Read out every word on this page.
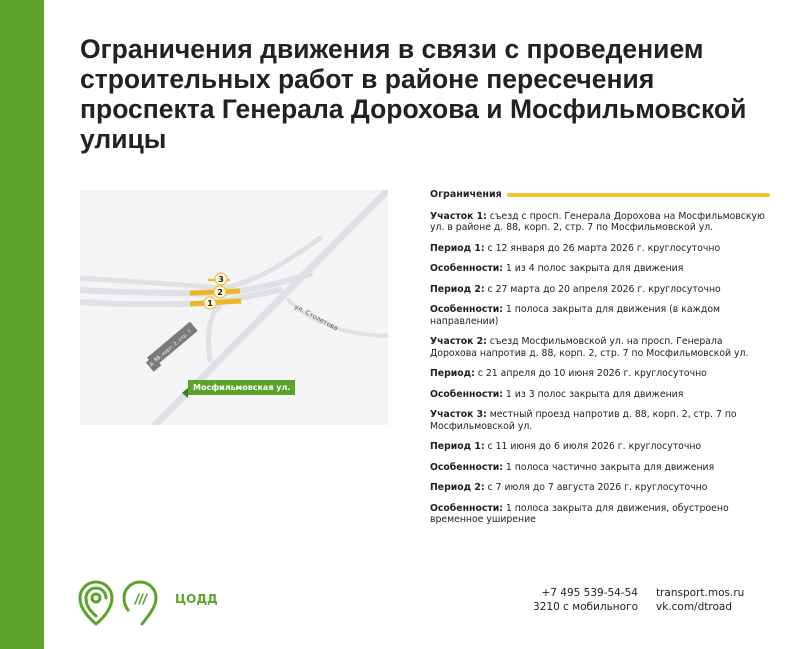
Ограничения движения в связи с проведением строительных работ в районе пересечения проспекта Генерала Дорохова и Мосфильмовской улицы
д. 88, корп. 2, стр. 7
ул. Столетова
3
2
1
Мосфильмовская ул.
Ограничения
Участок 1: съезд с просп. Генерала Дорохова на Мосфильмовскую ул. в районе д. 88, корп. 2, стр. 7 по Мосфильмовской ул.
Период 1: с 12 января до 26 марта 2026 г. круглосуточно
Особенности: 1 из 4 полос закрыта для движения
Период 2: с 27 марта до 20 апреля 2026 г. круглосуточно
Особенности: 1 полоса закрыта для движения (в каждом направлении)
Участок 2: съезд Мосфильмовской ул. на просп. Генерала Дорохова напротив д. 88, корп. 2, стр. 7 по Мосфильмовской ул.
Период: с 21 апреля до 10 июня 2026 г. круглосуточно
Особенности: 1 из 3 полос закрыта для движения
Участок 3: местный проезд напротив д. 88, корп. 2, стр. 7 по Мосфильмовской ул.
Период 1: с 11 июня до 6 июля 2026 г. круглосуточно
Особенности: 1 полоса частично закрыта для движения
Период 2: с 7 июля до 7 августа 2026 г. круглосуточно
Особенности: 1 полоса закрыта для движения, обустроено временное уширение
ЦОДД	+7 495 539-54-54
3210 с мобильного
transport.mos.ru
vk.com/dtroad
